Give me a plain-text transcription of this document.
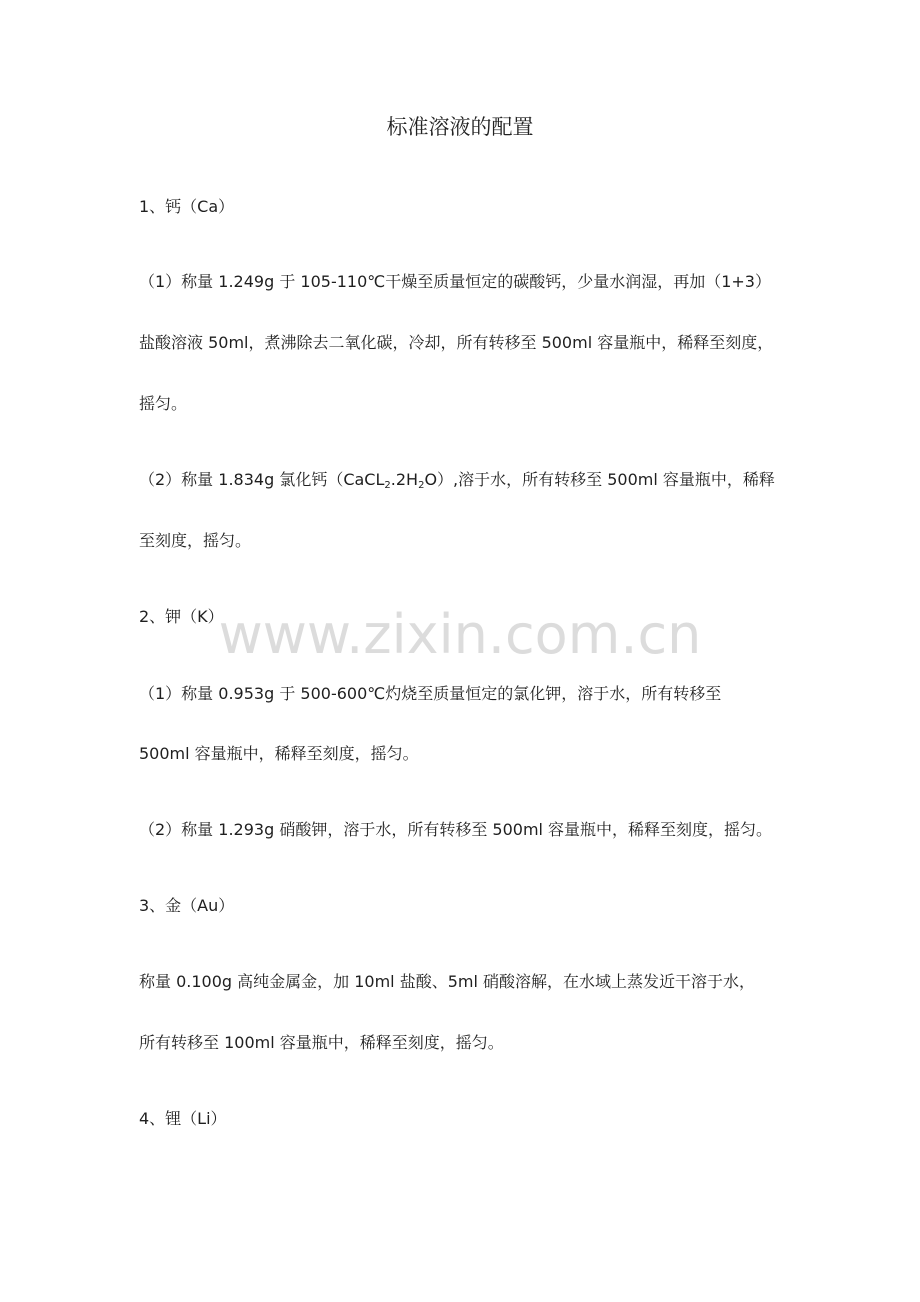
标准溶液的配置
1、钙（Ca）
（1）称量 1.249g 于 105-110℃干燥至质量恒定的碳酸钙，少量水润湿，再加（1+3）
盐酸溶液 50ml，煮沸除去二氧化碳，冷却，所有转移至 500ml 容量瓶中，稀释至刻度，
摇匀。
（2）称量 1.834g 氯化钙$(CaCL_2.2H_2O)$,溶于水，所有转移至 500ml 容量瓶中，稀释
至刻度，摇匀。
2、钾（K）
（1）称量 0.953g 于 500-600℃灼烧至质量恒定的氯化钾，溶于水，所有转移至
500ml 容量瓶中，稀释至刻度，摇匀。
（2）称量 1.293g 硝酸钾，溶于水，所有转移至 500ml 容量瓶中，稀释至刻度，摇匀。
3、金（Au）
称量 0.100g 高纯金属金，加 10ml 盐酸、5ml 硝酸溶解，在水域上蒸发近干溶于水，
所有转移至 100ml 容量瓶中，稀释至刻度，摇匀。
4、锂（Li）
www.zixin.com.cn
